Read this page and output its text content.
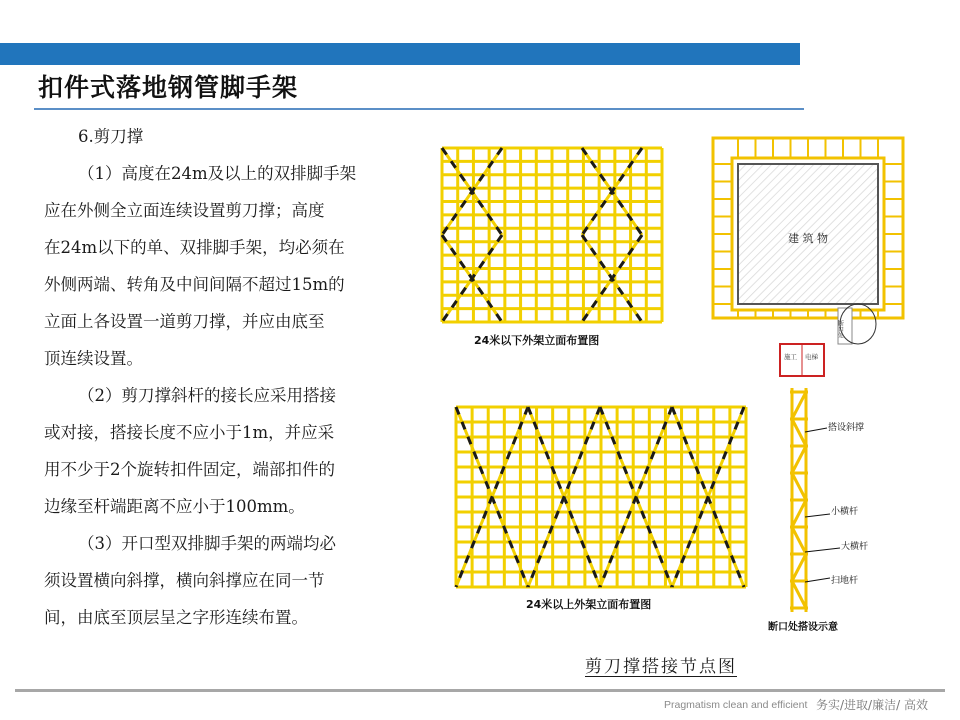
扣件式落地钢管脚手架

6.剪刀撑

（1）高度在24m及以上的双排脚手架

应在外侧全立面连续设置剪刀撑；高度

在24m以下的单、双排脚手架，均必须在

外侧两端、转角及中间间隔不超过15m的

立面上各设置一道剪刀撑，并应由底至

顶连续设置。

（2）剪刀撑斜杆的接长应采用搭接

或对接，搭接长度不应小于1m，并应采

用不少于2个旋转扣件固定，端部扣件的

边缘至杆端距离不应小于100mm。

（3）开口型双排脚手架的两端均必

须设置横向斜撑，横向斜撑应在同一节

间，由底至顶层呈之字形连续布置。

24米以下外架立面布置图
24米以上外架立面布置图
建 筑 物
断口处
施工 电梯
搭设斜撑
小横杆
大横杆
扫地杆
断口处搭设示意
剪刀撑搭接节点图
Pragmatism clean and efficient 务实/进取/廉洁/ 高效
